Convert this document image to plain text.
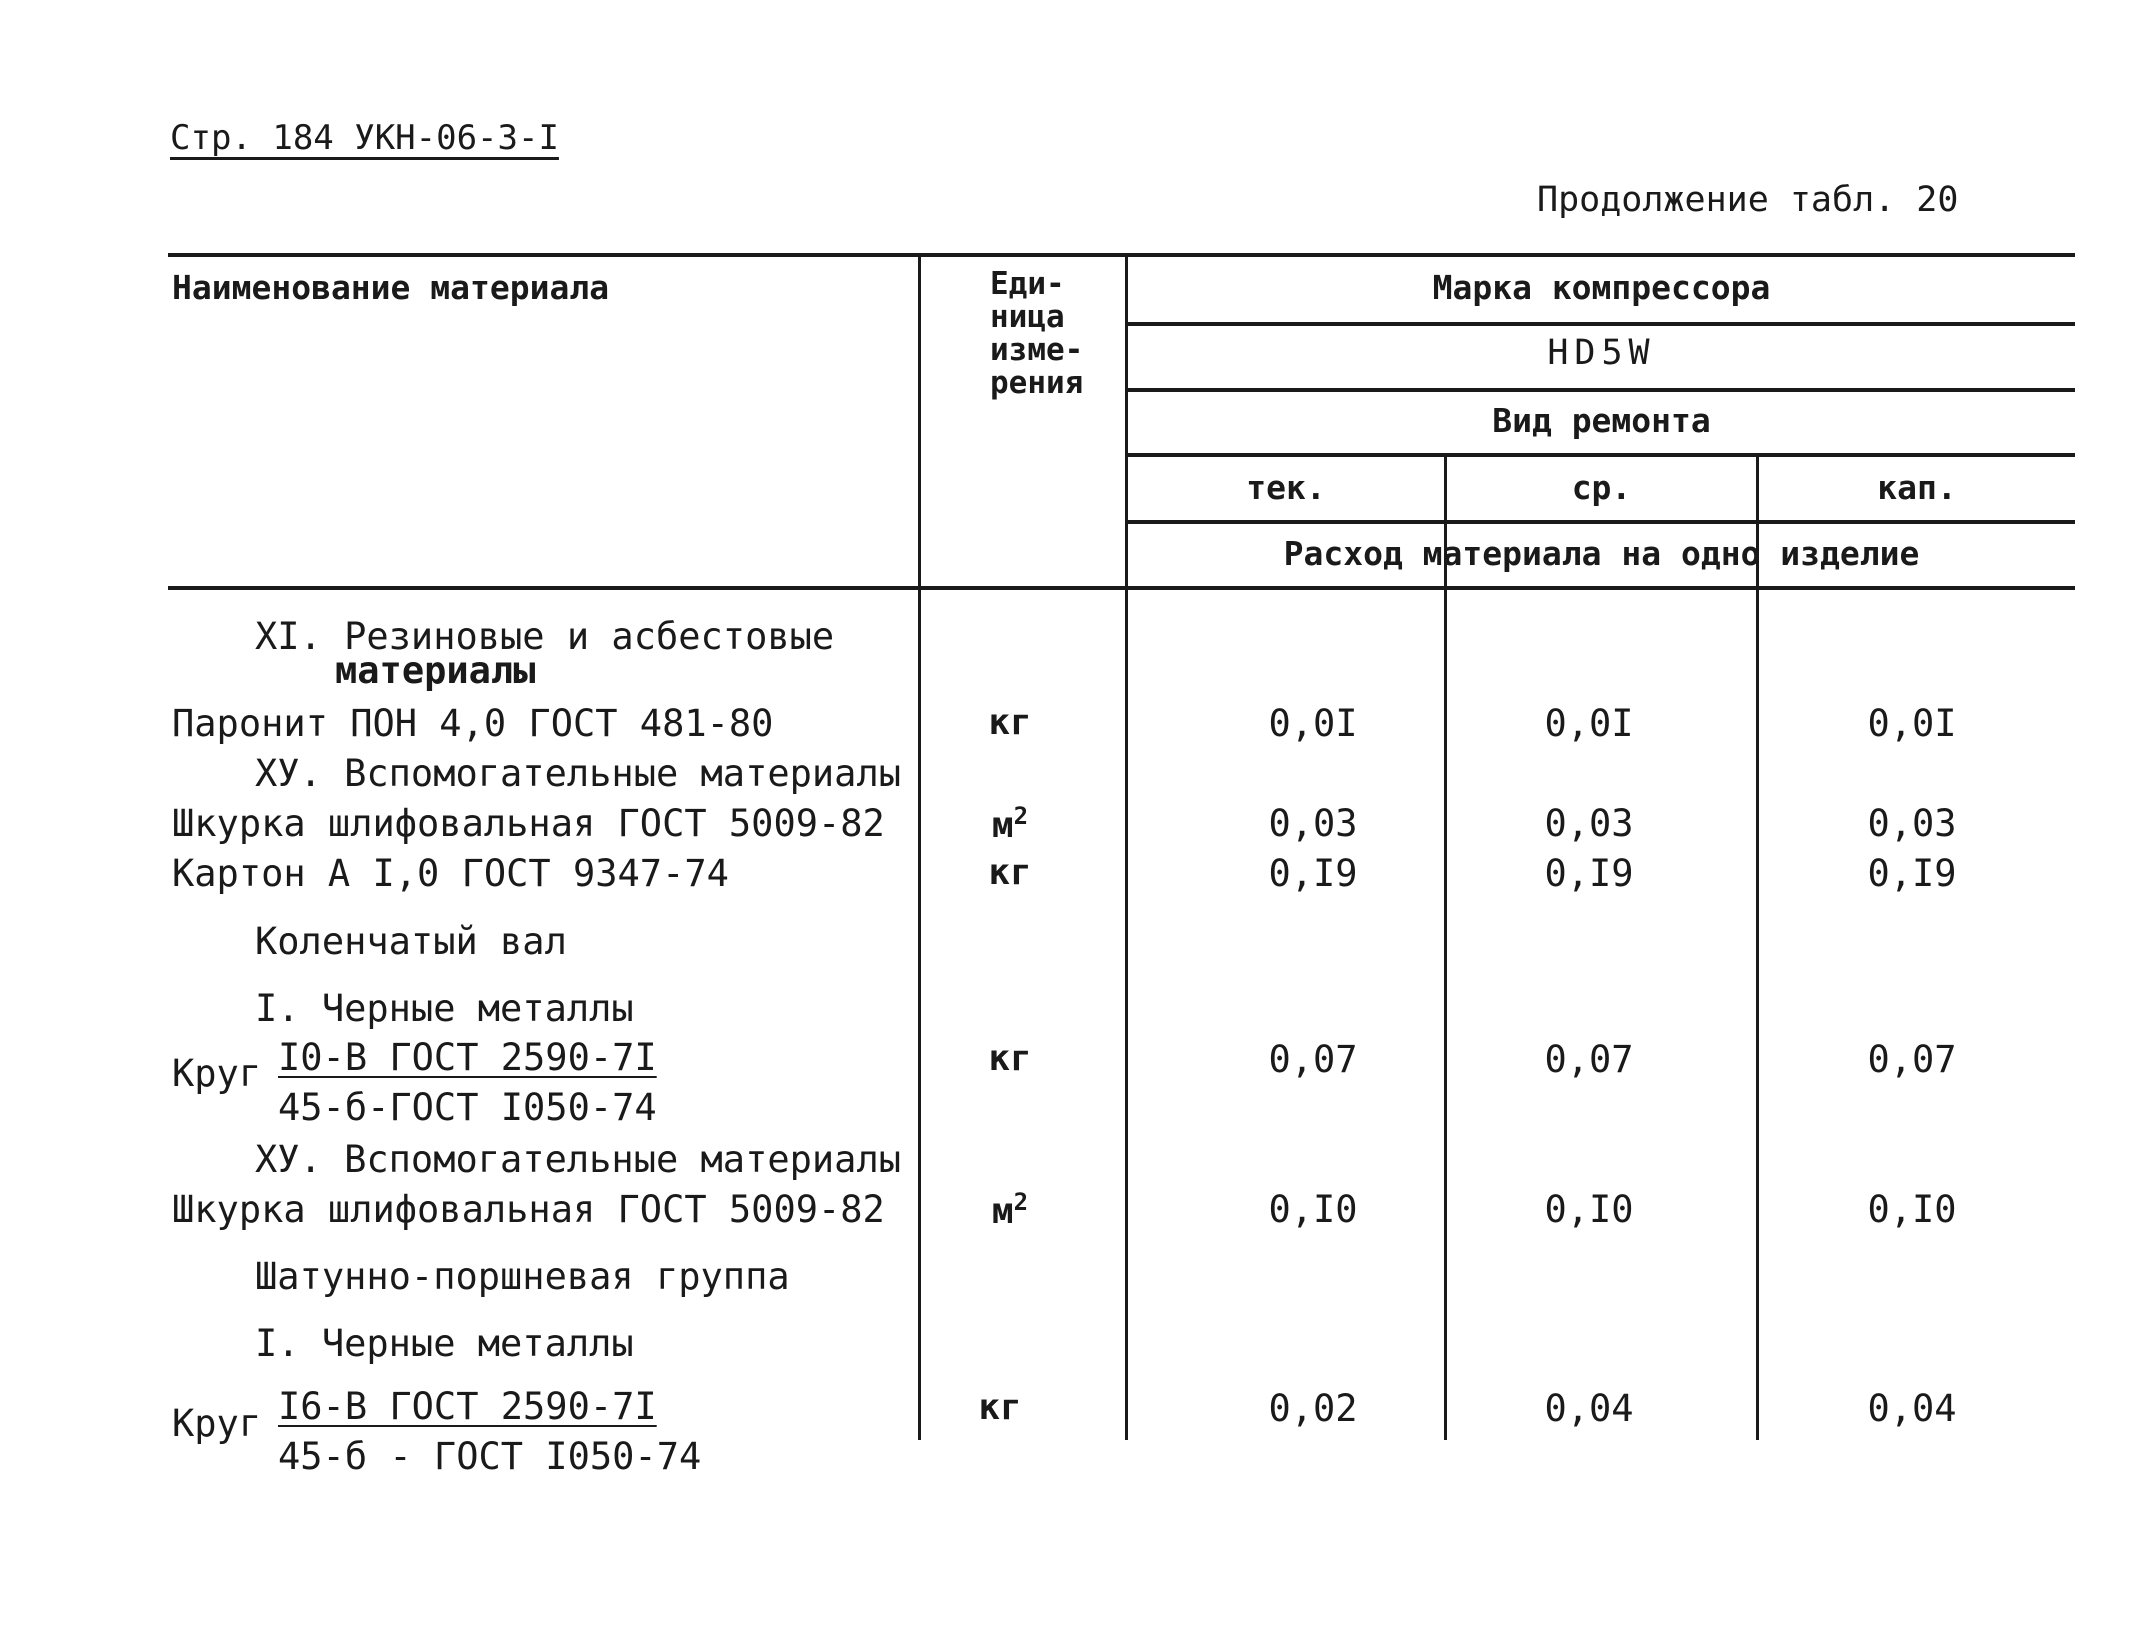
Стр. 184 УКН-06-3-I
Продолжение табл. 20
Наименование материала	Еди-
ница
изме-
рения
Марка компрессора
HD5W
Вид ремонта
тек.	ср.	кап.
Расход материала на одно изделие
XI. Резиновые и асбестовые
материалы
Паронит ПОН 4,0 ГОСТ 481-80	кг	0,0I	0,0I	0,0I
ХУ. Вспомогательные материалы
Шкурка шлифовальная ГОСТ 5009-82	$м^2$	0,03	0,03	0,03
Картон А I,0 ГОСТ 9347-74	кг	0,I9	0,I9	0,I9
Коленчатый вал
I. Черные металлы
Круг I0-В ГОСТ 2590-7I
45-б-ГОСТ I050-74
кг	0,07	0,07	0,07
ХУ. Вспомогательные материалы
Шкурка шлифовальная ГОСТ 5009-82	$м^2$	0,I0	0,I0	0,I0
Шатунно-поршневая группа
I. Черные металлы
Круг I6-В ГОСТ 2590-7I
45-б - ГОСТ I050-74
кг	0,02	0,04	0,04
